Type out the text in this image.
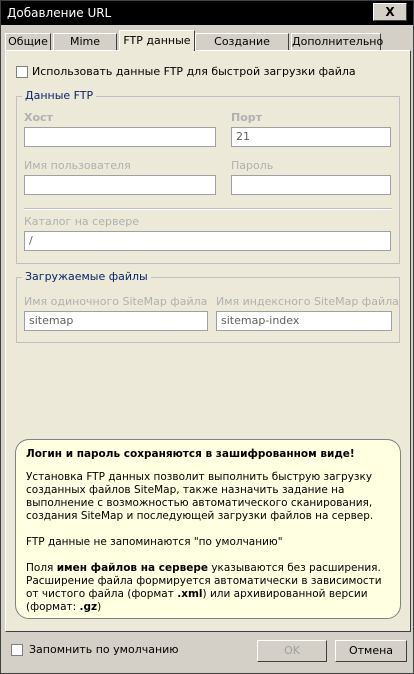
Добавление URL	X
Общие	Mime	FTP данные	Создание	Дополнительно
Использовать данные FTP для быстрой загрузки файла
Данные FTP
Хост	Порт
21
Имя пользователя	Пароль
Каталог на сервере
/
Загружаемые файлы
Имя одиночного SiteMap файла
sitemap
Имя индексного SiteMap файла
sitemap-index

Логин и пароль сохраняются в зашифрованном виде!

Установка FTP данных позволит выполнить быструю загрузку созданных файлов SiteMap, также назначить задание на выполнение с возможностью автоматического сканирования, создания SiteMap и последующей загрузки файлов на сервер.

FTP данные не запоминаются "по умолчанию"

Поля имен файлов на сервере указываются без расширения. Расширение файла формируется автоматически в зависимости от чистого файла (формат .xml) или архивированной версии (формат: .gz)

Запомнить по умолчанию	OK	Отмена
